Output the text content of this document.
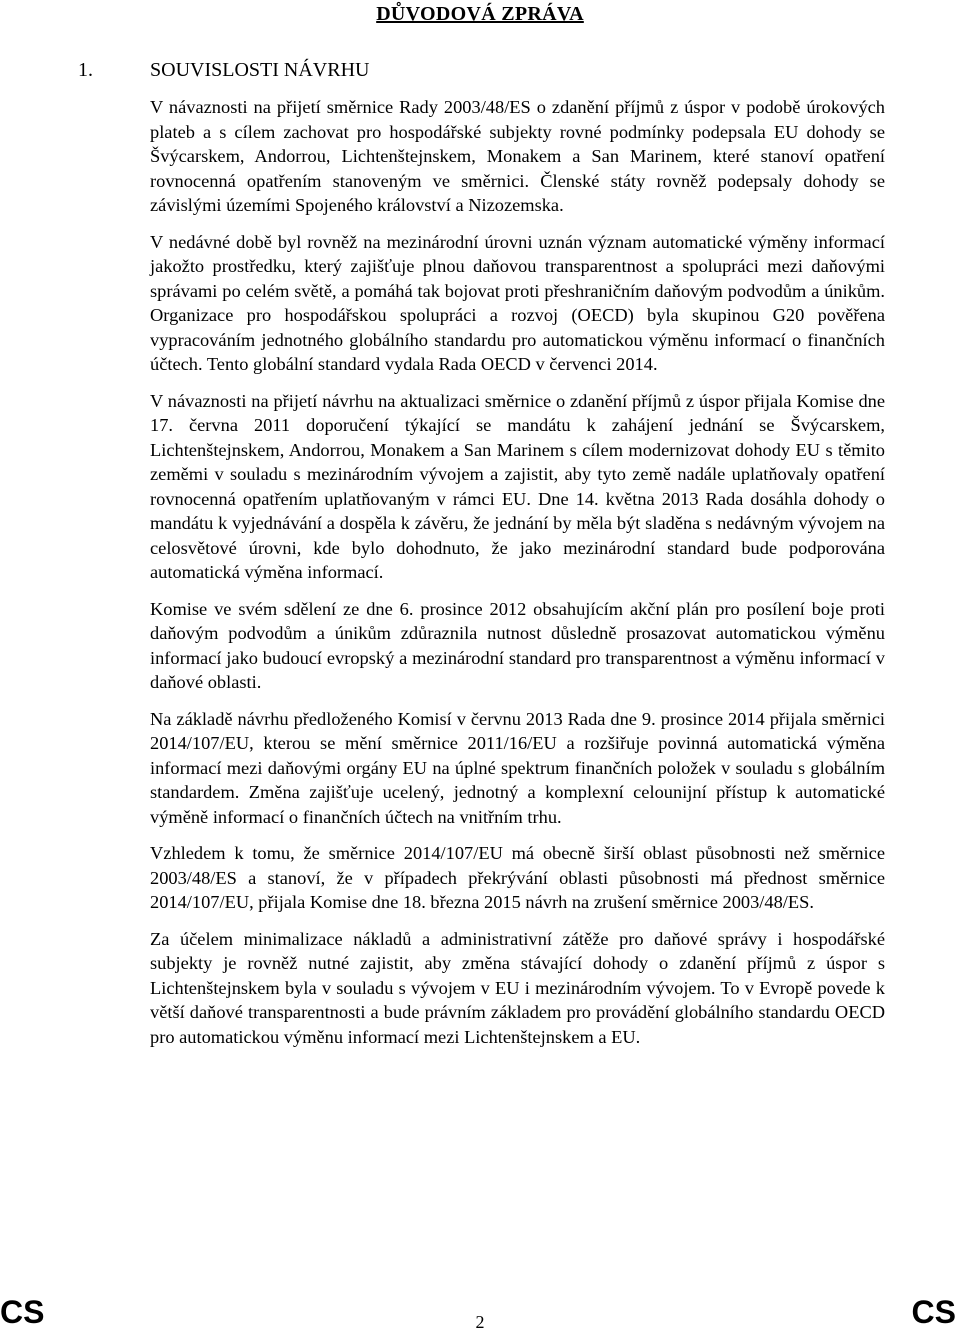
DŮVODOVÁ ZPRÁVA
1.	SOUVISLOSTI NÁVRHU

V návaznosti na přijetí směrnice Rady 2003/48/ES o zdanění příjmů z úspor v podobě úrokových plateb a s cílem zachovat pro hospodářské subjekty rovné podmínky podepsala EU dohody se Švýcarskem, Andorrou, Lichtenštejnskem, Monakem a San Marinem, které stanoví opatření rovnocenná opatřením stanoveným ve směrnici. Členské státy rovněž podepsaly dohody se závislými územími Spojeného království a Nizozemska.

V nedávné době byl rovněž na mezinárodní úrovni uznán význam automatické výměny informací jakožto prostředku, který zajišťuje plnou daňovou transparentnost a spolupráci mezi daňovými správami po celém světě, a pomáhá tak bojovat proti přeshraničním daňovým podvodům a únikům. Organizace pro hospodářskou spolupráci a rozvoj (OECD) byla skupinou G20 pověřena vypracováním jednotného globálního standardu pro automatickou výměnu informací o finančních účtech. Tento globální standard vydala Rada OECD v červenci 2014.

V návaznosti na přijetí návrhu na aktualizaci směrnice o zdanění příjmů z úspor přijala Komise dne 17. června 2011 doporučení týkající se mandátu k zahájení jednání se Švýcarskem, Lichtenštejnskem, Andorrou, Monakem a San Marinem s cílem modernizovat dohody EU s těmito zeměmi v souladu s mezinárodním vývojem a zajistit, aby tyto země nadále uplatňovaly opatření rovnocenná opatřením uplatňovaným v rámci EU. Dne 14. května 2013 Rada dosáhla dohody o mandátu k vyjednávání a dospěla k závěru, že jednání by měla být sladěna s nedávným vývojem na celosvětové úrovni, kde bylo dohodnuto, že jako mezinárodní standard bude podporována automatická výměna informací.

Komise ve svém sdělení ze dne 6. prosince 2012 obsahujícím akční plán pro posílení boje proti daňovým podvodům a únikům zdůraznila nutnost důsledně prosazovat automatickou výměnu informací jako budoucí evropský a mezinárodní standard pro transparentnost a výměnu informací v daňové oblasti.

Na základě návrhu předloženého Komisí v červnu 2013 Rada dne 9. prosince 2014 přijala směrnici 2014/107/EU, kterou se mění směrnice 2011/16/EU a rozšiřuje povinná automatická výměna informací mezi daňovými orgány EU na úplné spektrum finančních položek v souladu s globálním standardem. Změna zajišťuje ucelený, jednotný a komplexní celounijní přístup k automatické výměně informací o finančních účtech na vnitřním trhu.

Vzhledem k tomu, že směrnice 2014/107/EU má obecně širší oblast působnosti než směrnice 2003/48/ES a stanoví, že v případech překrývání oblasti působnosti má přednost směrnice 2014/107/EU, přijala Komise dne 18. března 2015 návrh na zrušení směrnice 2003/48/ES.

Za účelem minimalizace nákladů a administrativní zátěže pro daňové správy i hospodářské subjekty je rovněž nutné zajistit, aby změna stávající dohody o zdanění příjmů z úspor s Lichtenštejnskem byla v souladu s vývojem v EU i mezinárodním vývojem. To v Evropě povede k větší daňové transparentnosti a bude právním základem pro provádění globálního standardu OECD pro automatickou výměnu informací mezi Lichtenštejnskem a EU.

CS	2	CS
